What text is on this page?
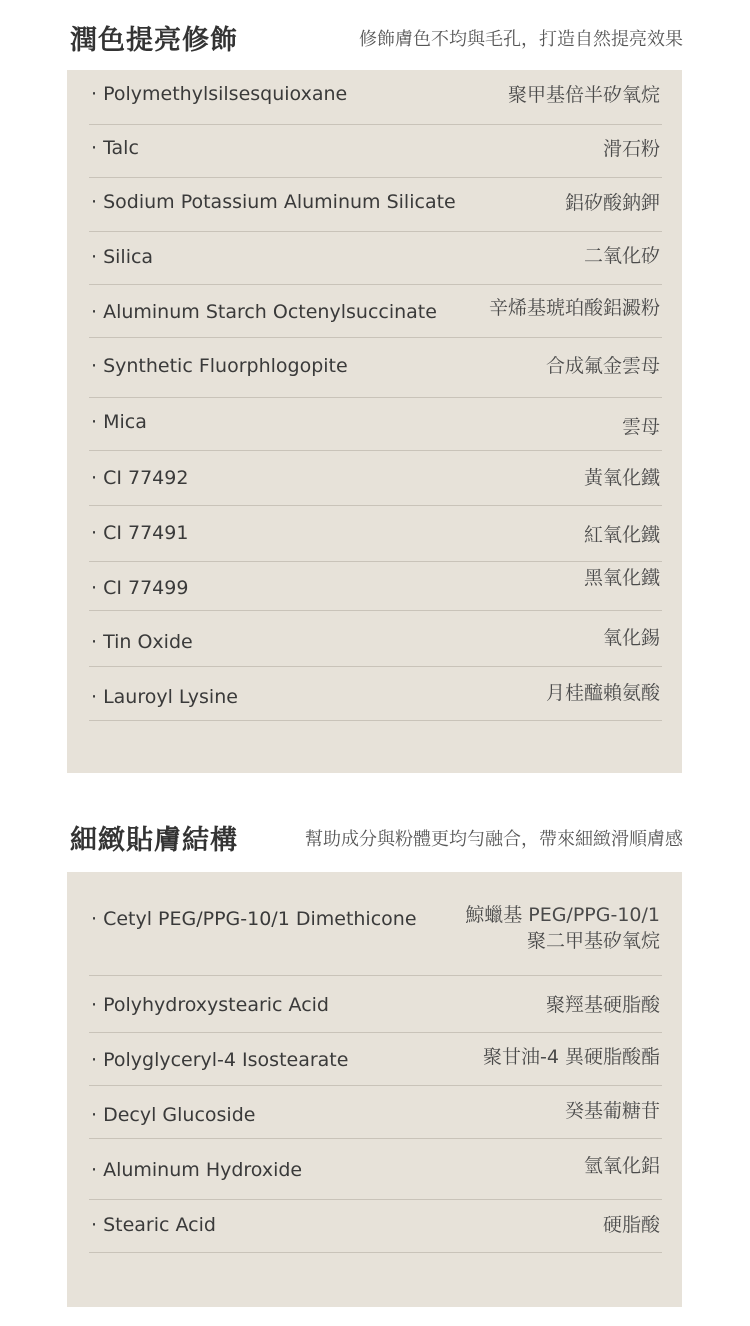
潤色提亮修飾	修飾膚色不均與毛孔，打造自然提亮效果
· Polymethylsilsesquioxane	聚甲基倍半矽氧烷
· Talc	滑石粉
· Sodium Potassium Aluminum Silicate	鋁矽酸鈉鉀
· Silica	二氧化矽
· Aluminum Starch Octenylsuccinate	辛烯基琥珀酸鋁澱粉
· Synthetic Fluorphlogopite	合成氟金雲母
· Mica	雲母
· CI 77492	黃氧化鐵
· CI 77491	紅氧化鐵
· CI 77499	黑氧化鐵
· Tin Oxide	氧化錫
· Lauroyl Lysine	月桂醯賴氨酸
細緻貼膚結構	幫助成分與粉體更均勻融合，帶來細緻滑順膚感
· Cetyl PEG/PPG-10/1 Dimethicone	鯨蠟基 PEG/PPG-10/1
聚二甲基矽氧烷
· Polyhydroxystearic Acid	聚羥基硬脂酸
· Polyglyceryl-4 Isostearate	聚甘油-4 異硬脂酸酯
· Decyl Glucoside	癸基葡糖苷
· Aluminum Hydroxide	氫氧化鋁
· Stearic Acid	硬脂酸
